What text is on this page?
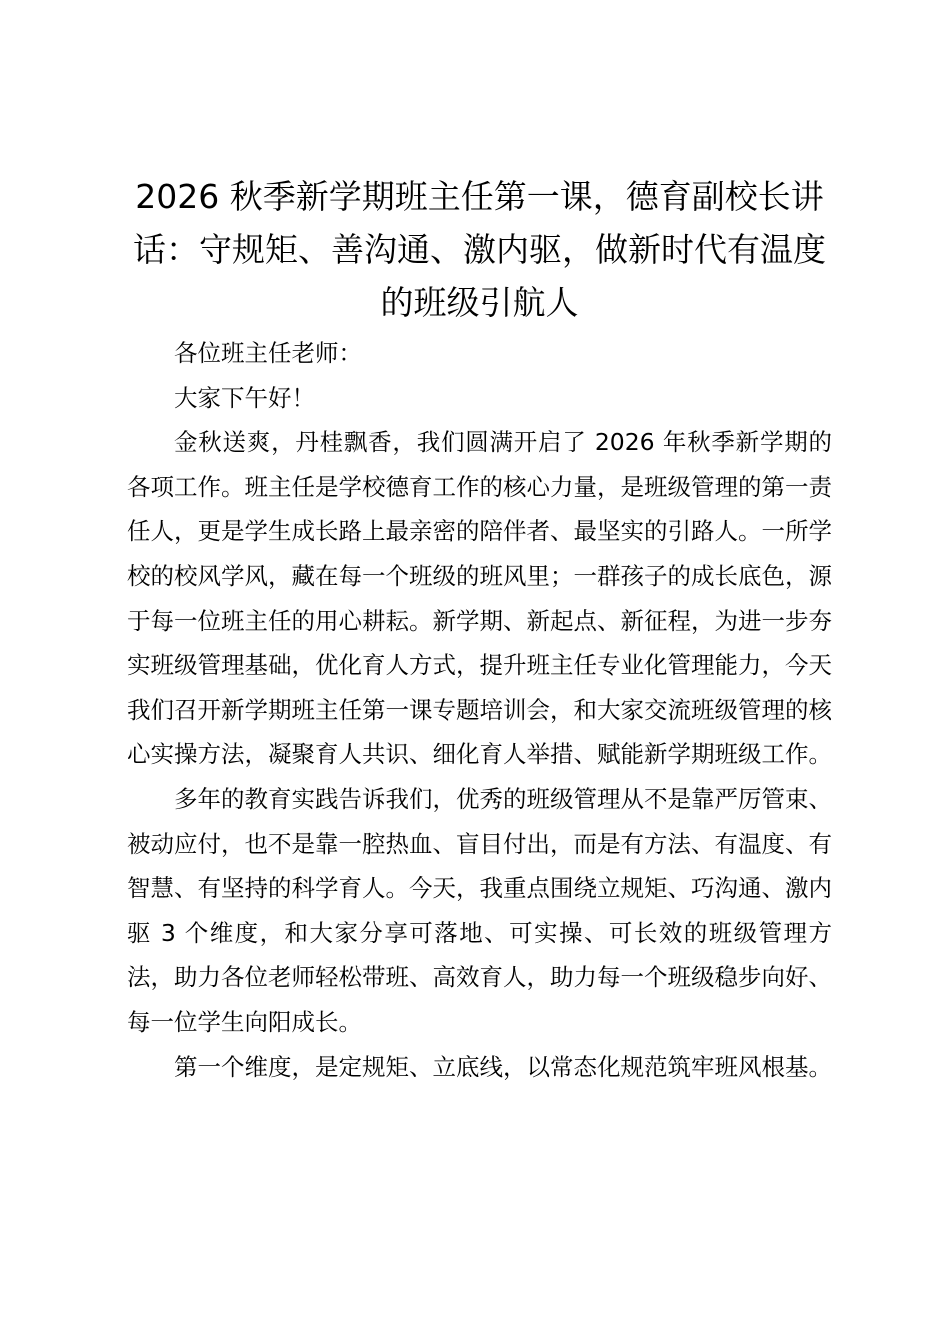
2026 秋季新学期班主任第一课，德育副校长讲话：守规矩、善沟通、激内驱，做新时代有温度的班级引航人

各位班主任老师：

大家下午好！

金秋送爽，丹桂飘香，我们圆满开启了 2026 年秋季新学期的各项工作。班主任是学校德育工作的核心力量，是班级管理的第一责任人，更是学生成长路上最亲密的陪伴者、最坚实的引路人。一所学校的校风学风，藏在每一个班级的班风里；一群孩子的成长底色，源于每一位班主任的用心耕耘。新学期、新起点、新征程，为进一步夯实班级管理基础，优化育人方式，提升班主任专业化管理能力，今天我们召开新学期班主任第一课专题培训会，和大家交流班级管理的核心实操方法，凝聚育人共识、细化育人举措、赋能新学期班级工作。

多年的教育实践告诉我们，优秀的班级管理从不是靠严厉管束、被动应付，也不是靠一腔热血、盲目付出，而是有方法、有温度、有智慧、有坚持的科学育人。今天，我重点围绕立规矩、巧沟通、激内驱 3 个维度，和大家分享可落地、可实操、可长效的班级管理方法，助力各位老师轻松带班、高效育人，助力每一个班级稳步向好、每一位学生向阳成长。

第一个维度，是定规矩、立底线，以常态化规范筑牢班风根基。
